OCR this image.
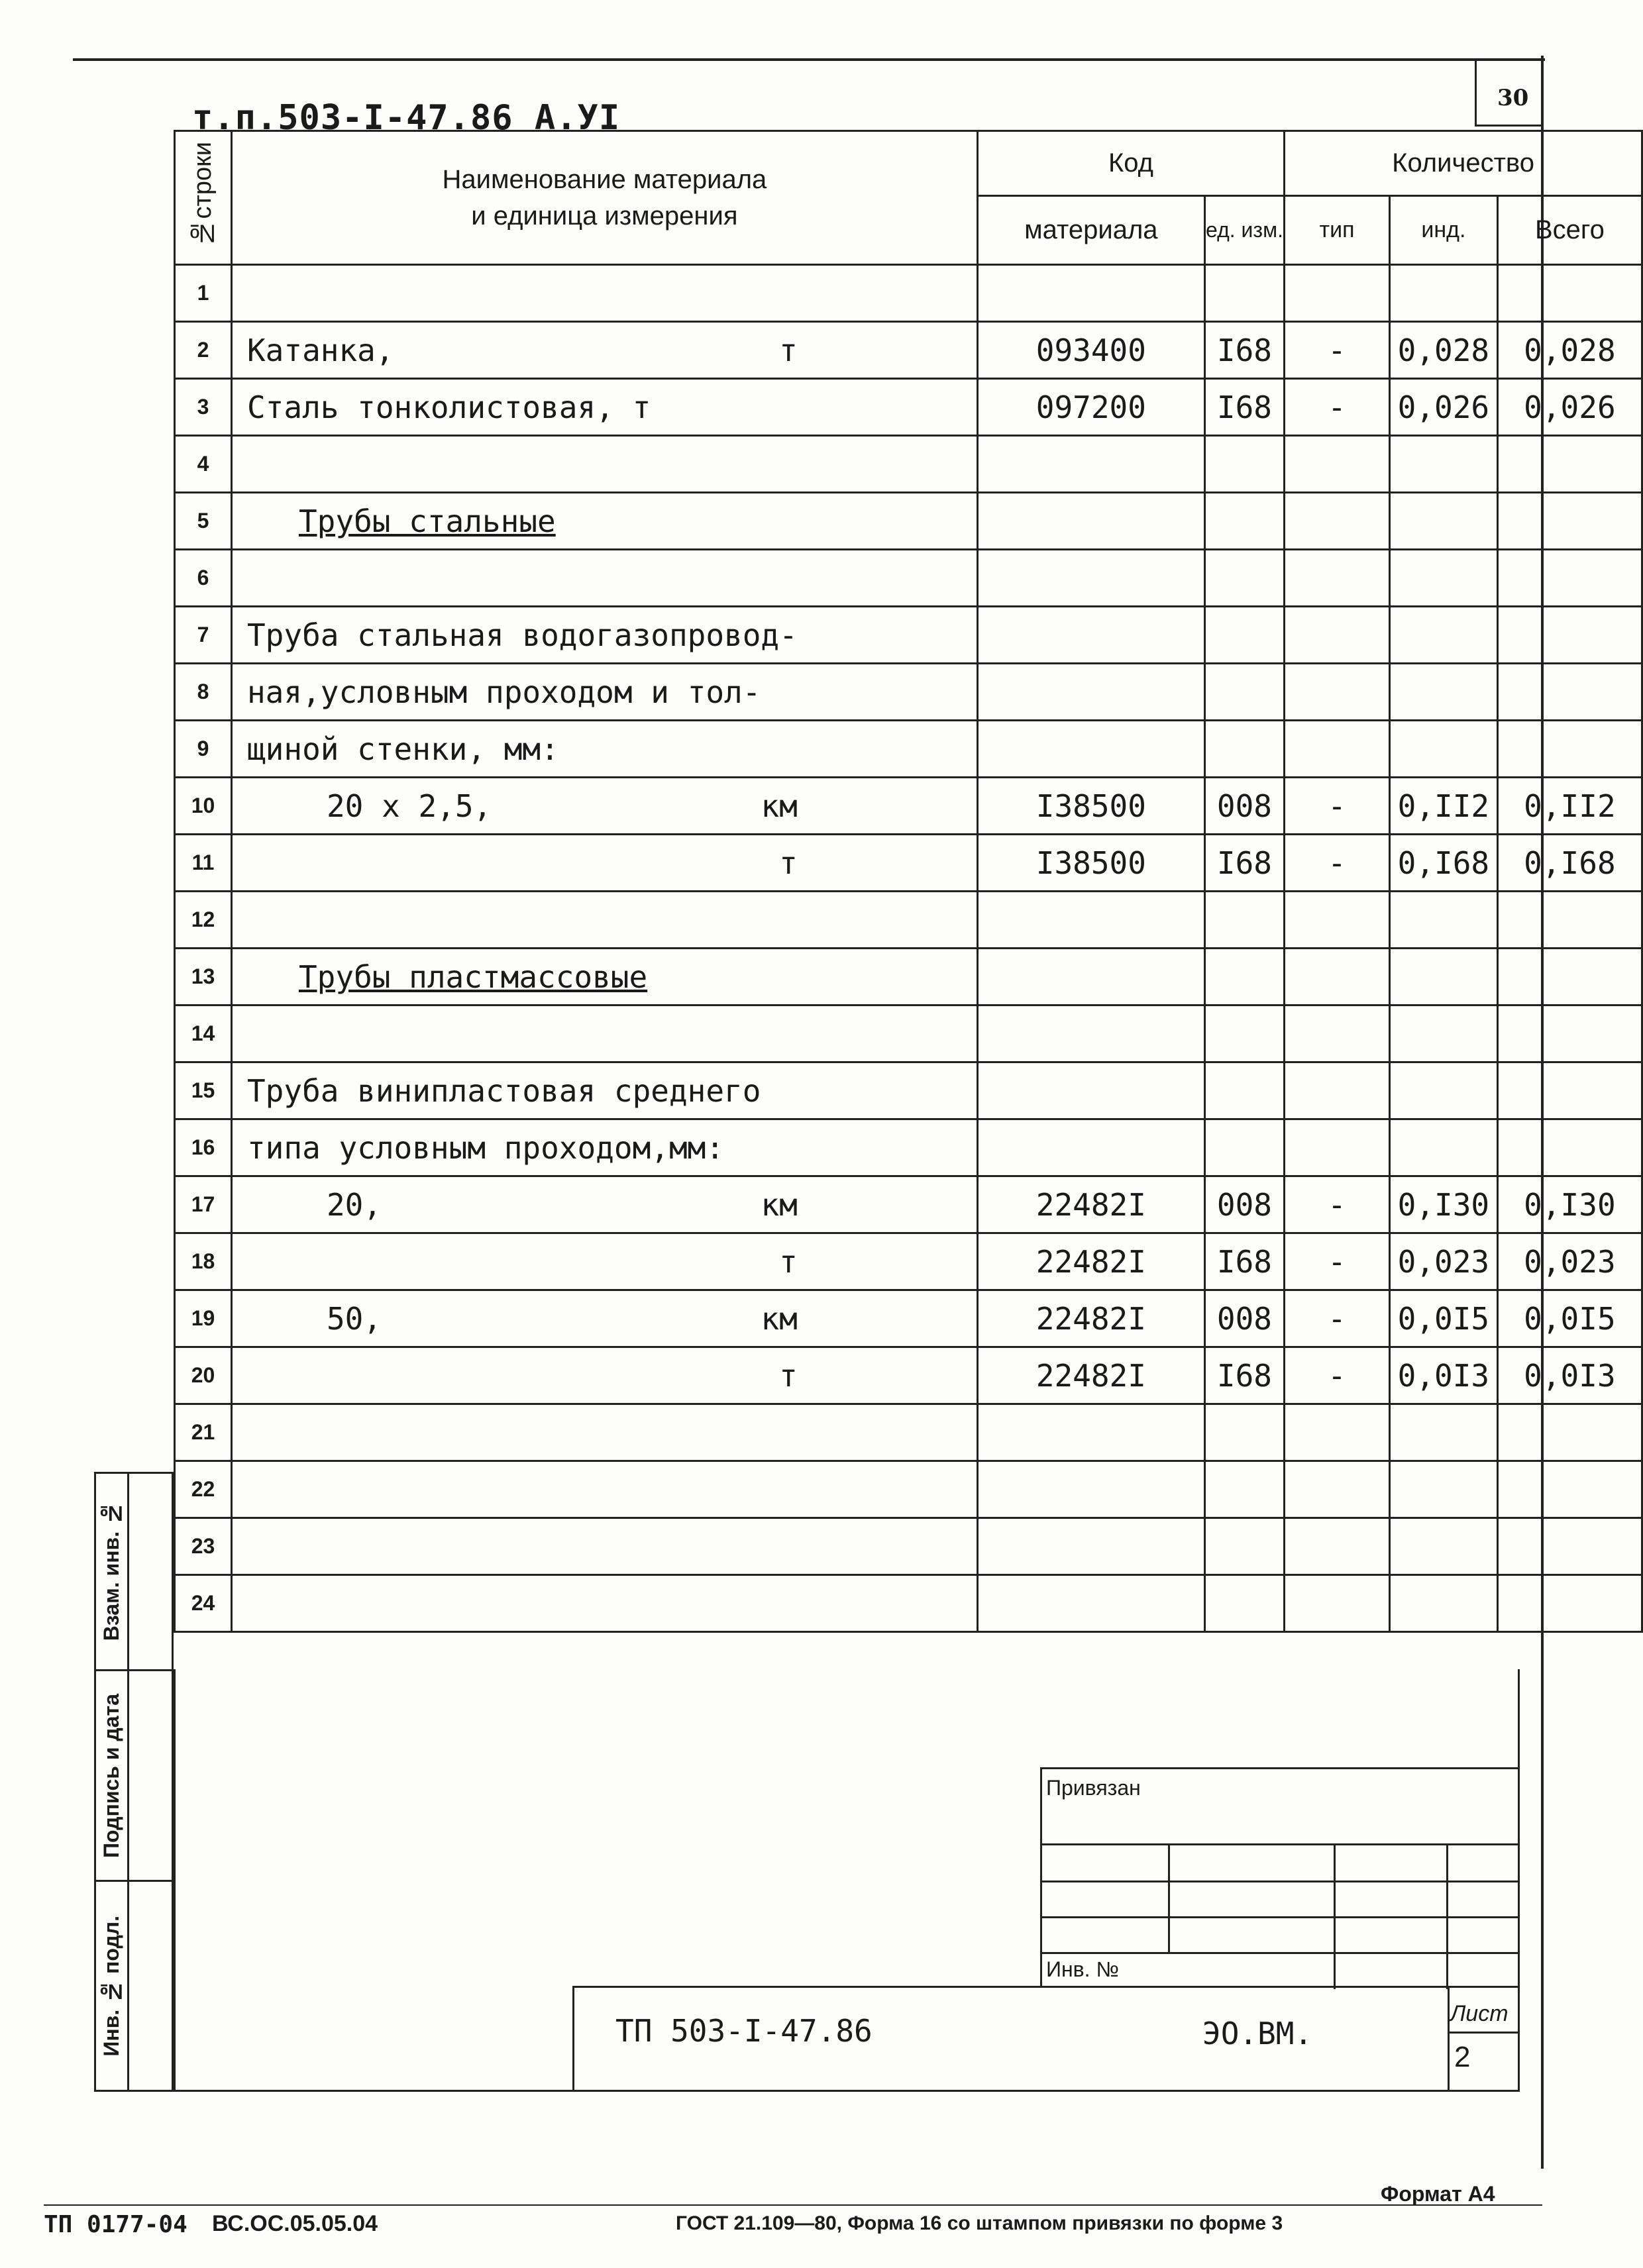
30
т.п.503-I-47.86 A.УI
№строки	Наименование материала
и единица измерения	Код		Количество		
		материала	ед. изм.	тип	инд.	Всего
1	

2	Катанка, т	093400	I68	-	0,028	0,028
3	Сталь тонколистовая, т	097200	I68	-	0,026	0,026
4	

5	Трубы стальные					

6	

7	Труба стальная водогазопровод-					

8	ная,условным проходом и тол-					

9	щиной стенки, мм:					

10	20 х 2,5, км	I38500	008	-	0,II2	0,II2
11	т	I38500	I68	-	0,I68	0,I68
12	

13	Трубы пластмассовые					

14	

15	Труба винипластовая среднего					

16	типа условным проходом,мм:					

17	20, км	22482I	008	-	0,I30	0,I30
18	т	22482I	I68	-	0,023	0,023
19	50, км	22482I	008	-	0,0I5	0,0I5
20	т	22482I	I68	-	0,0I3	0,0I3
21	

22	

23	

24	

Взам. инв. №
Подпись и дата
Инв. № подл.
Привязан
Инв. №
ТП 503-I-47.86	ЭО.ВМ.
Лист
2
Формат А4
ТП 0177-04 ВС.ОС.05.05.04	ГОСТ 21.109—80, Форма 16 со штампом привязки по форме 3
